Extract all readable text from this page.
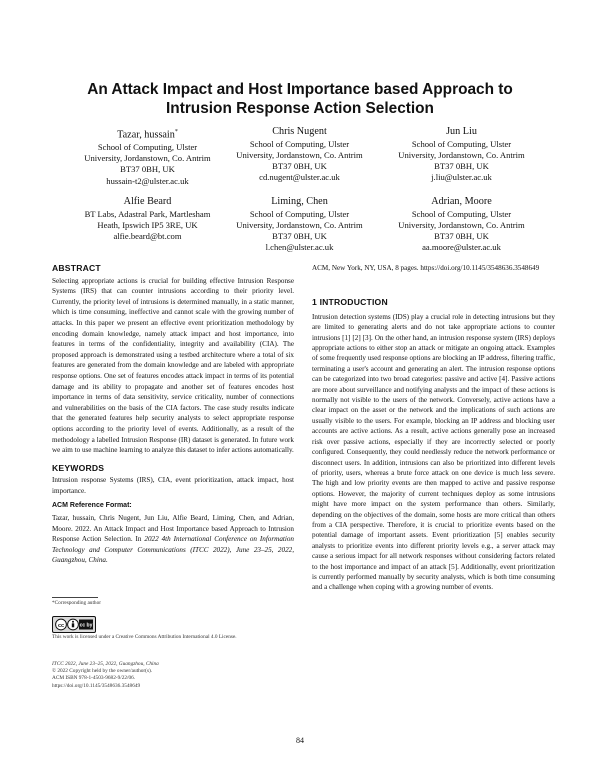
An Attack Impact and Host Importance based Approach to
Intrusion Response Action Selection
Tazar, hussain*
School of Computing, Ulster
University, Jordanstown, Co. Antrim
BT37 0BH, UK
hussain-t2@ulster.ac.uk
Chris Nugent
School of Computing, Ulster
University, Jordanstown, Co. Antrim
BT37 0BH, UK
cd.nugent@ulster.ac.uk
Jun Liu
School of Computing, Ulster
University, Jordanstown, Co. Antrim
BT37 0BH, UK
j.liu@ulster.ac.uk
Alfie Beard
BT Labs, Adastral Park, Martlesham
Heath, Ipswich IP5 3RE, UK
alfie.beard@bt.com
Liming, Chen
School of Computing, Ulster
University, Jordanstown, Co. Antrim
BT37 0BH, UK
l.chen@ulster.ac.uk
Adrian, Moore
School of Computing, Ulster
University, Jordanstown, Co. Antrim
BT37 0BH, UK
aa.moore@ulster.ac.uk

ABSTRACT

Selecting appropriate actions is crucial for building effective Intrusion Response Systems (IRS) that can counter intrusions according to their priority level. Currently, the priority level of intrusions is determined manually, in a static manner, which is time consuming, ineffective and cannot scale with the growing number of attacks. In this paper we present an effective event prioritization methodology by encoding domain knowledge, namely attack impact and host importance, into features in terms of the confidentiality, integrity and availability (CIA). The proposed approach is demonstrated using a testbed architecture where a total of six features are generated from the domain knowledge and are labeled with appropriate response options. One set of features encodes attack impact in terms of its potential damage and its ability to propagate and another set of features encodes host importance in terms of data sensitivity, service criticality, number of connections and vulnerabilities on the basis of the CIA factors. The case study results indicate that the generated features help security analysts to select appropriate response options according to the priority level of events. Additionally, as a result of the methodology a labelled Intrusion Response (IR) dataset is generated. In future work we aim to use machine learning to analyze this dataset to infer actions automatically.

KEYWORDS

Intrusion response Systems (IRS), CIA, event prioritization, attack impact, host importance.

ACM Reference Format:

Tazar, hussain, Chris Nugent, Jun Liu, Alfie Beard, Liming, Chen, and Adrian, Moore. 2022. An Attack Impact and Host Importance based Approach to Intrusion Response Action Selection. In 2022 4th International Conference on Information Technology and Computer Communications (ITCC 2022), June 23–25, 2022, Guangzhou, China.

*Corresponding author
cc	cc by
This work is licensed under a Creative Commons Attribution International 4.0 License.
ITCC 2022, June 23–25, 2022, Guangzhou, China
© 2022 Copyright held by the owner/author(s).
ACM ISBN 978-1-4503-9682-9/22/06.
https://doi.org/10.1145/3548636.3548649

ACM, New York, NY, USA, 8 pages. https://doi.org/10.1145/3548636.3548649

1 INTRODUCTION

Intrusion detection systems (IDS) play a crucial role in detecting intrusions but they are limited to generating alerts and do not take appropriate actions to counter intrusions [1] [2] [3]. On the other hand, an intrusion response system (IRS) deploys appropriate actions to either stop an attack or mitigate an ongoing attack. Examples of some frequently used response options are blocking an IP address, filtering traffic, terminating a user's account and generating an alert. The intrusion response options can be categorized into two broad categories: passive and active [4]. Passive actions are more about surveillance and notifying analysts and the impact of these actions is normally not visible to the users of the network. Conversely, active actions have a clear impact on the asset or the network and the implications of such actions are usually visible to the users. For example, blocking an IP address and blocking user accounts are active actions. As a result, active actions generally pose an increased risk over passive actions, especially if they are incorrectly selected or poorly configured. Consequently, they could needlessly reduce the network performance or disconnect users. In addition, intrusions can also be prioritized into different levels of priority, users, whereas a brute force attack on one device is much less severe. The high and low priority events are then mapped to active and passive response options. However, the majority of current techniques deploy as some intrusions might have more impact on the system performance than others. Similarly, depending on the objectives of the domain, some hosts are more critical than others from a CIA perspective. Therefore, it is crucial to prioritize events based on the potential damage of important assets. Event prioritization [5] enables security analysts to prioritize events into different priority levels e.g., a server attack may cause a serious impact for all network responses without considering factors related to the host importance and impact of an attack [5]. Additionally, event prioritization is currently performed manually by security analysts, which is both time consuming and a challenge when coping with a growing number of events.

84
